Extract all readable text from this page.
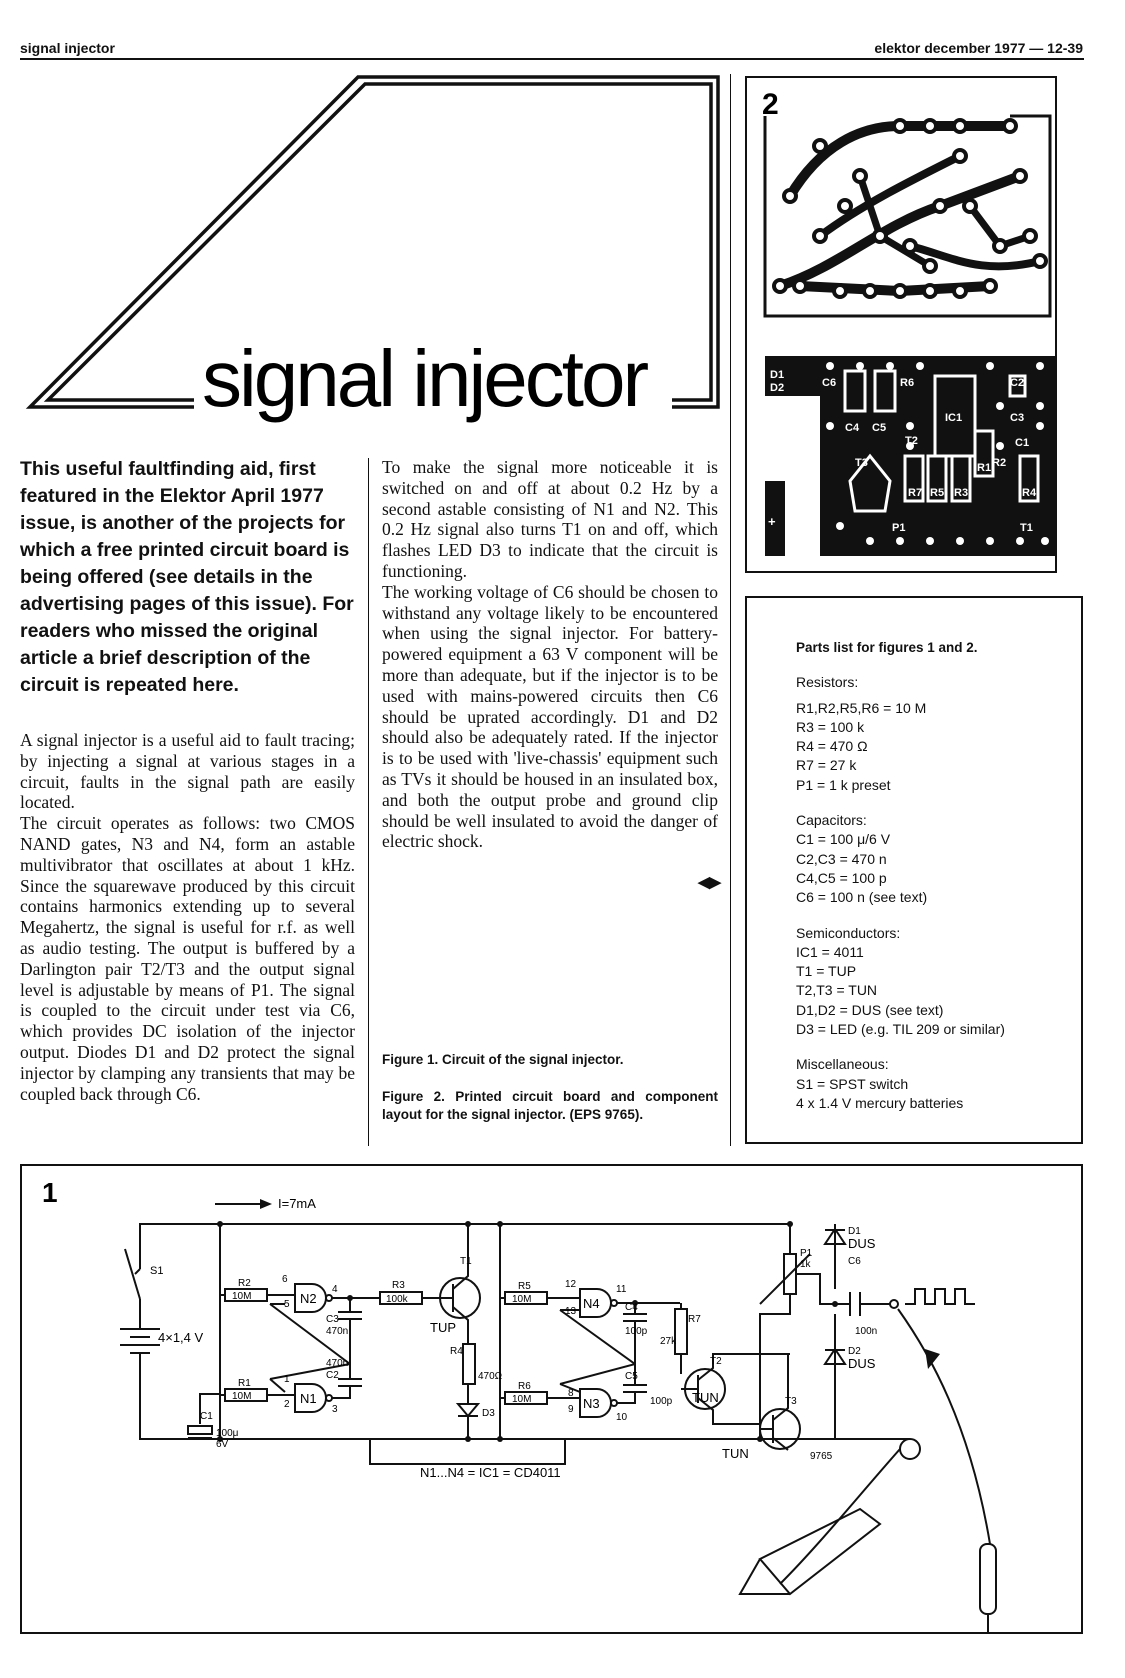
signal injector	elektor december 1977 — 12-39
signal injector
This useful faultfinding aid, first featured in the Elektor April 1977 issue, is another of the projects for which a free printed circuit board is being offered (see details in the advertising pages of this issue). For readers who missed the original article a brief description of the circuit is repeated here.

A signal injector is a useful aid to fault tracing; by injecting a signal at various stages in a circuit, faults in the signal path are easily located.

The circuit operates as follows: two CMOS NAND gates, N3 and N4, form an astable multivibrator that oscillates at about 1 kHz. Since the squarewave produced by this circuit contains harmonics extending up to several Megahertz, the signal is useful for r.f. as well as audio testing. The output is buffered by a Darlington pair T2/T3 and the output signal level is adjustable by means of P1. The signal is coupled to the circuit under test via C6, which provides DC isolation of the injector output. Diodes D1 and D2 protect the signal injector by clamping any transients that may be coupled back through C6.

To make the signal more noticeable it is switched on and off at about 0.2 Hz by a second astable consisting of N1 and N2. This 0.2 Hz signal also turns T1 on and off, which flashes LED D3 to indicate that the circuit is functioning.

The working voltage of C6 should be chosen to withstand any voltage likely to be encountered when using the signal injector. For battery-powered equipment a 63 V component will be more than adequate, but if the injector is to be used with mains-powered circuits then C6 should be uprated accordingly. D1 and D2 should also be adequately rated. If the injector is to be used with 'live-chassis' equipment such as TVs it should be housed in an insulated box, and both the output probe and ground clip should be well insulated to avoid the danger of electric shock.

◀▶
Figure 1. Circuit of the signal injector.
Figure 2. Printed circuit board and component layout for the signal injector. (EPS 9765).
2
D1
D2	C6
C4 C5
R6
IC1
C2
C3
C1
R2
T2
T3
R7 R5 R3
R1
R4
T1
P1
+ B1
Parts list for figures 1 and 2.
Resistors:
R1,R2,R5,R6 = 10 M
R3 = 100 k
R4 = 470 Ω
R7 = 27 k
P1 = 1 k preset
Capacitors:
C1 = 100 μ/6 V
C2,C3 = 470 n
C4,C5 = 100 p
C6 = 100 n (see text)
Semiconductors:
IC1 = 4011
T1 = TUP
T2,T3 = TUN
D1,D2 = DUS (see text)
D3 = LED (e.g. TIL 209 or similar)
Miscellaneous:
S1 = SPST switch
4 x 1.4 V mercury batteries
1	I=7mA
S1
4×1,4 V
R2
10M
R1
10M
C1
100μ
6V
N2
N1
6
5
4
1
2	3
C3
470n
470n
C2
R3
100k
T1
TUP
R4
470Ω
D3
R5
10M
R6
10M
N4
N3
12
13
11
8
9
10
C4
100p
C5
100p
R7
27k
T2
T3
TUN
TUN
P1
1k
D1
DUS
C6
100n
D2
DUS
N1...N4 = IC1 = CD4011
9765
